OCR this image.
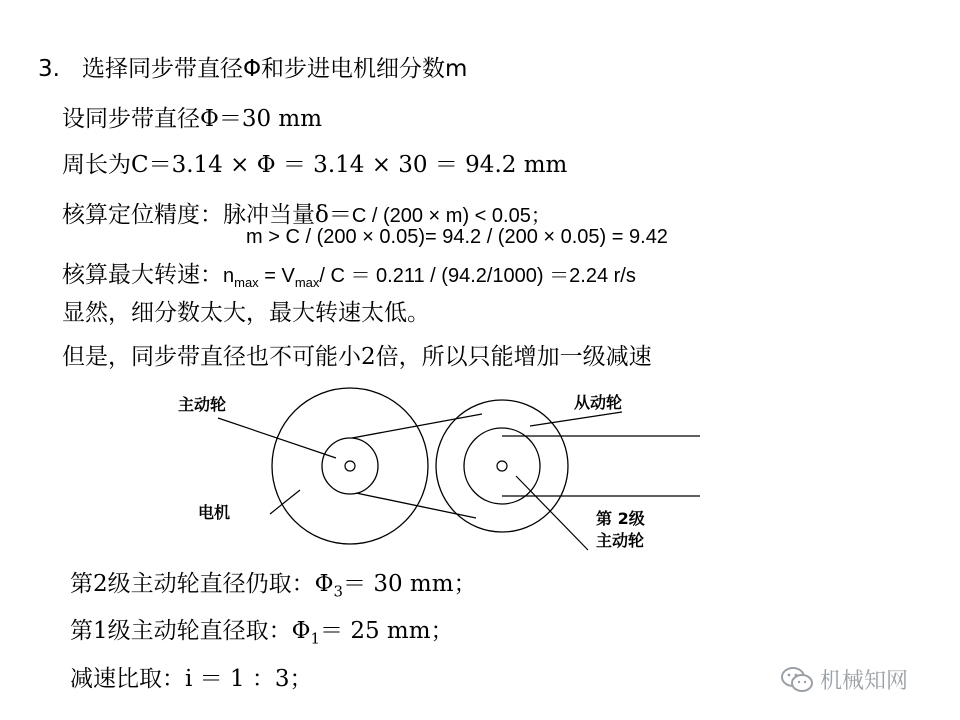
3. 选择同步带直径Φ和步进电机细分数m
设同步带直径Φ＝30 mm
周长为C＝3.14 × Φ ＝ 3.14 × 30 ＝ 94.2 mm
核算定位精度：脉冲当量δ＝C / (200 × m) < 0.05；
m > C / (200 × 0.05)= 94.2 / (200 × 0.05) = 9.42
核算最大转速：$n_{max} = V_{max}/$ C ＝ 0.211 / (94.2/1000) ＝2.24 r/s
显然，细分数太大，最大转速太低。
但是，同步带直径也不可能小2倍，所以只能增加一级减速
主动轮	从动轮
电机	第 2级
主动轮
第2级主动轮直径仍取：$\Phi_3= 30$ mm；
第1级主动轮直径取：$\Phi_1= 25$ mm；
减速比取：i ＝ 1 ：3；	机械知网
